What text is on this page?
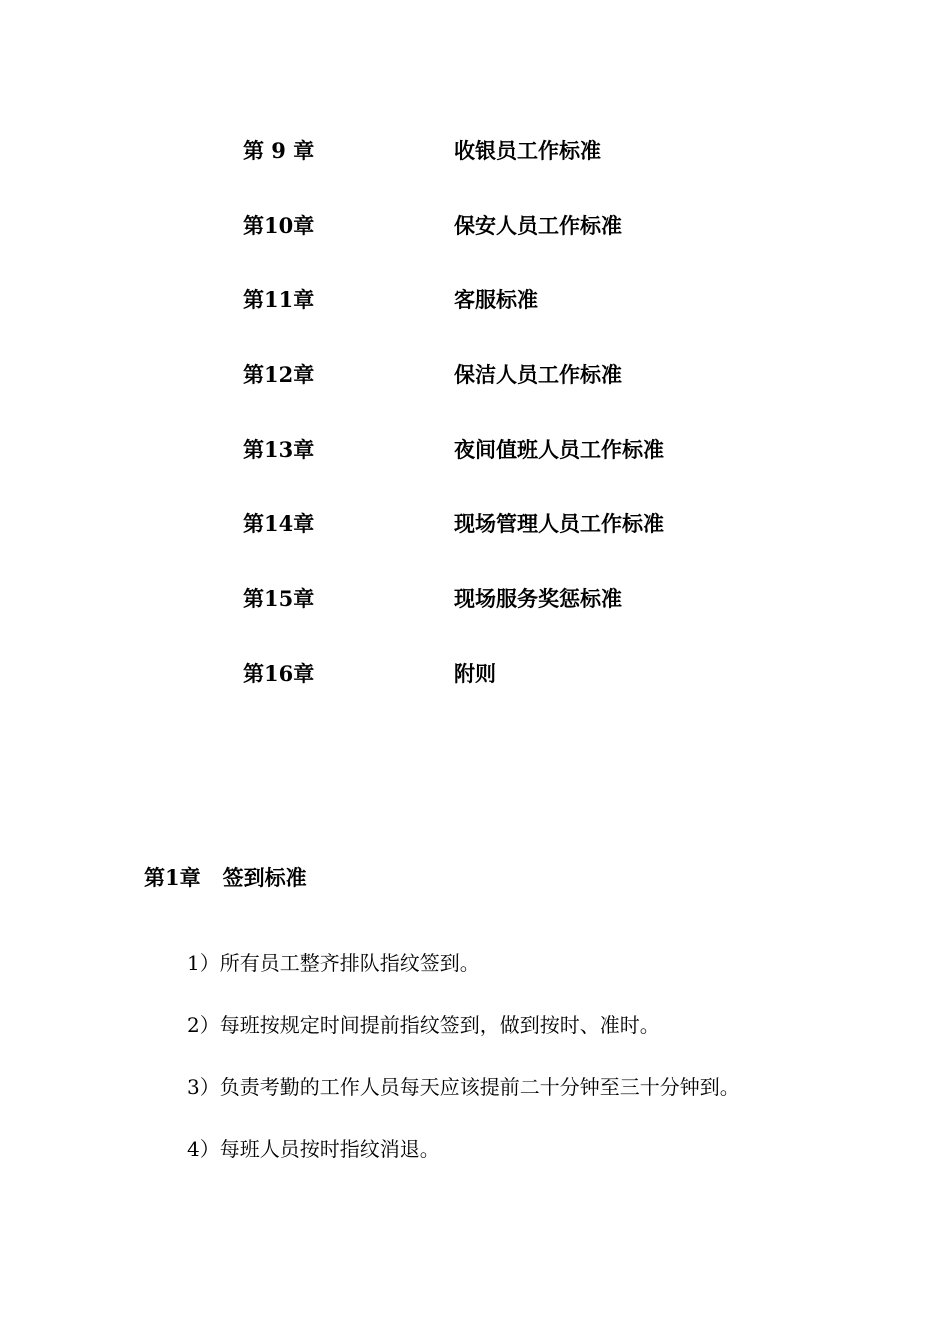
第 9 章	收银员工作标准
第10章	保安人员工作标准
第11章	客服标准
第12章	保洁人员工作标准
第13章	夜间值班人员工作标准
第14章	现场管理人员工作标准
第15章	现场服务奖惩标准
第16章	附则
第1章 签到标准
1）所有员工整齐排队指纹签到。
2）每班按规定时间提前指纹签到，做到按时、准时。
3）负责考勤的工作人员每天应该提前二十分钟至三十分钟到。
4）每班人员按时指纹消退。
